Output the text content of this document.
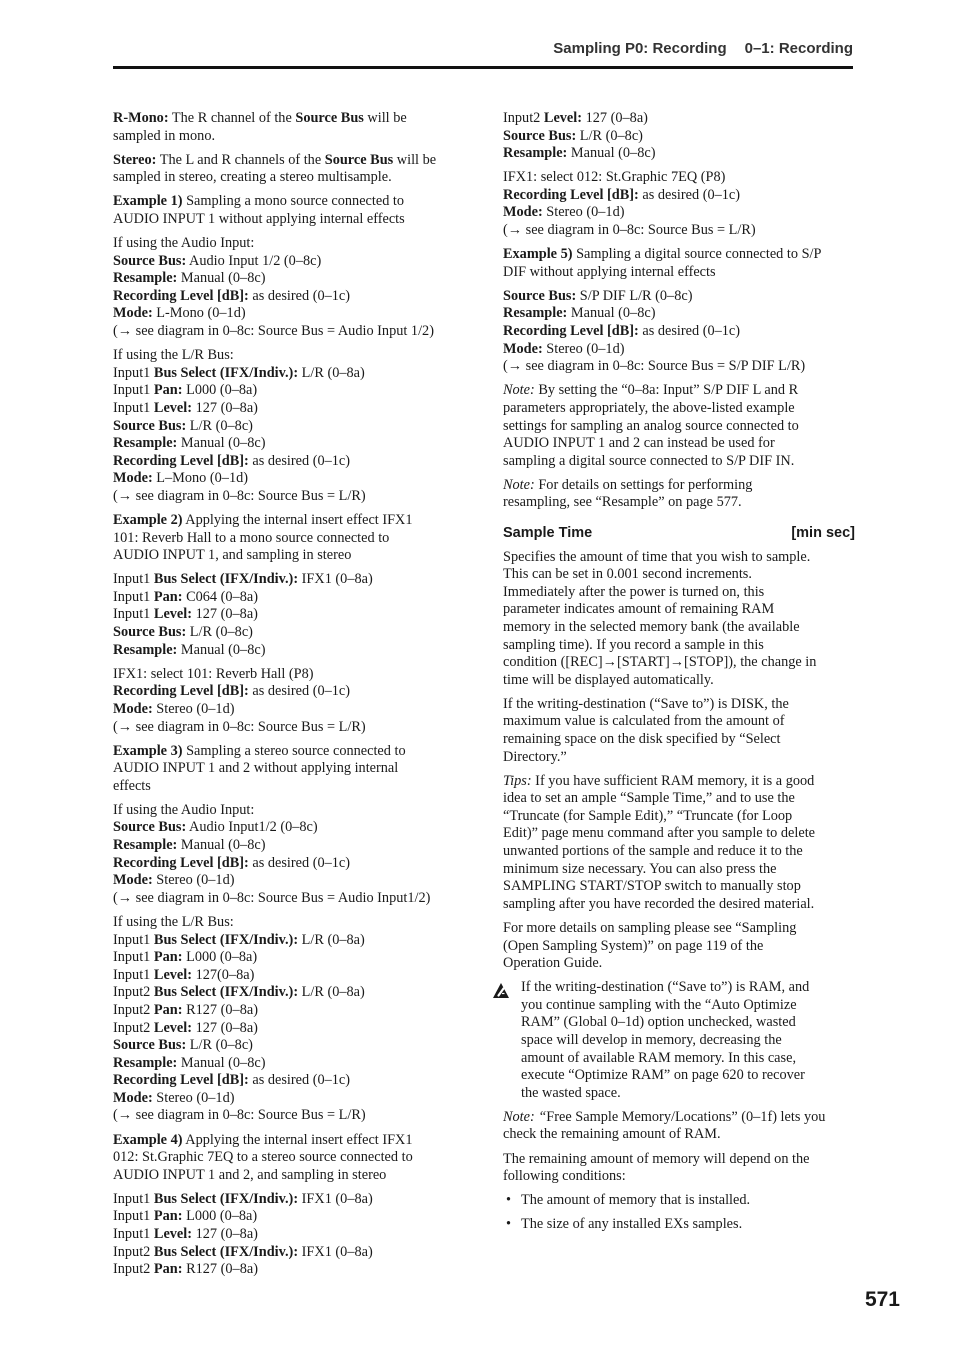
Sampling P0: Recording 0–1: Recording
R-Mono: The R channel of the Source Bus will be
sampled in mono.
Stereo: The L and R channels of the Source Bus will be
sampled in stereo, creating a stereo multisample.
Example 1) Sampling a mono source connected to
AUDIO INPUT 1 without applying internal effects
If using the Audio Input:
Source Bus: Audio Input 1/2 (0–8c)
Resample: Manual (0–8c)
Recording Level [dB]: as desired (0–1c)
Mode: L-Mono (0–1d)
(→ see diagram in 0–8c: Source Bus = Audio Input 1/2)
If using the L/R Bus:
Input1 Bus Select (IFX/Indiv.): L/R (0–8a)
Input1 Pan: L000 (0–8a)
Input1 Level: 127 (0–8a)
Source Bus: L/R (0–8c)
Resample: Manual (0–8c)
Recording Level [dB]: as desired (0–1c)
Mode: L–Mono (0–1d)
(→ see diagram in 0–8c: Source Bus = L/R)
Example 2) Applying the internal insert effect IFX1
101: Reverb Hall to a mono source connected to
AUDIO INPUT 1, and sampling in stereo
Input1 Bus Select (IFX/Indiv.): IFX1 (0–8a)
Input1 Pan: C064 (0–8a)
Input1 Level: 127 (0–8a)
Source Bus: L/R (0–8c)
Resample: Manual (0–8c)
IFX1: select 101: Reverb Hall (P8)
Recording Level [dB]: as desired (0–1c)
Mode: Stereo (0–1d)
(→ see diagram in 0–8c: Source Bus = L/R)
Example 3) Sampling a stereo source connected to
AUDIO INPUT 1 and 2 without applying internal
effects
If using the Audio Input:
Source Bus: Audio Input1/2 (0–8c)
Resample: Manual (0–8c)
Recording Level [dB]: as desired (0–1c)
Mode: Stereo (0–1d)
(→ see diagram in 0–8c: Source Bus = Audio Input1/2)
If using the L/R Bus:
Input1 Bus Select (IFX/Indiv.): L/R (0–8a)
Input1 Pan: L000 (0–8a)
Input1 Level: 127(0–8a)
Input2 Bus Select (IFX/Indiv.): L/R (0–8a)
Input2 Pan: R127 (0–8a)
Input2 Level: 127 (0–8a)
Source Bus: L/R (0–8c)
Resample: Manual (0–8c)
Recording Level [dB]: as desired (0–1c)
Mode: Stereo (0–1d)
(→ see diagram in 0–8c: Source Bus = L/R)
Example 4) Applying the internal insert effect IFX1
012: St.Graphic 7EQ to a stereo source connected to
AUDIO INPUT 1 and 2, and sampling in stereo
Input1 Bus Select (IFX/Indiv.): IFX1 (0–8a)
Input1 Pan: L000 (0–8a)
Input1 Level: 127 (0–8a)
Input2 Bus Select (IFX/Indiv.): IFX1 (0–8a)
Input2 Pan: R127 (0–8a)
Input2 Level: 127 (0–8a)
Source Bus: L/R (0–8c)
Resample: Manual (0–8c)
IFX1: select 012: St.Graphic 7EQ (P8)
Recording Level [dB]: as desired (0–1c)
Mode: Stereo (0–1d)
(→ see diagram in 0–8c: Source Bus = L/R)
Example 5) Sampling a digital source connected to S/P
DIF without applying internal effects
Source Bus: S/P DIF L/R (0–8c)
Resample: Manual (0–8c)
Recording Level [dB]: as desired (0–1c)
Mode: Stereo (0–1d)
(→ see diagram in 0–8c: Source Bus = S/P DIF L/R)
Note: By setting the “0–8a: Input” S/P DIF L and R
parameters appropriately, the above-listed example
settings for sampling an analog source connected to
AUDIO INPUT 1 and 2 can instead be used for
sampling a digital source connected to S/P DIF IN.
Note: For details on settings for performing
resampling, see “Resample” on page 577.
Sample Time	[min sec]
Specifies the amount of time that you wish to sample.
This can be set in 0.001 second increments.
Immediately after the power is turned on, this
parameter indicates amount of remaining RAM
memory in the selected memory bank (the available
sampling time). If you record a sample in this
condition ([REC]→[START]→[STOP]), the change in
time will be displayed automatically.
If the writing-destination (“Save to”) is DISK, the
maximum value is calculated from the amount of
remaining space on the disk specified by “Select
Directory.”
Tips: If you have sufficient RAM memory, it is a good
idea to set an ample “Sample Time,” and to use the
“Truncate (for Sample Edit),” “Truncate (for Loop
Edit)” page menu command after you sample to delete
unwanted portions of the sample and reduce it to the
minimum size necessary. You can also press the
SAMPLING START/STOP switch to manually stop
sampling after you have recorded the desired material.
For more details on sampling please see “Sampling
(Open Sampling System)” on page 119 of the
Operation Guide.
If the writing-destination (“Save to”) is RAM, and
you continue sampling with the “Auto Optimize
RAM” (Global 0–1d) option unchecked, wasted
space will develop in memory, decreasing the
amount of available RAM memory. In this case,
execute “Optimize RAM” on page 620 to recover
the wasted space.
Note: “Free Sample Memory/Locations” (0–1f) lets you
check the remaining amount of RAM.
The remaining amount of memory will depend on the
following conditions:
• The amount of memory that is installed.
• The size of any installed EXs samples.
571
